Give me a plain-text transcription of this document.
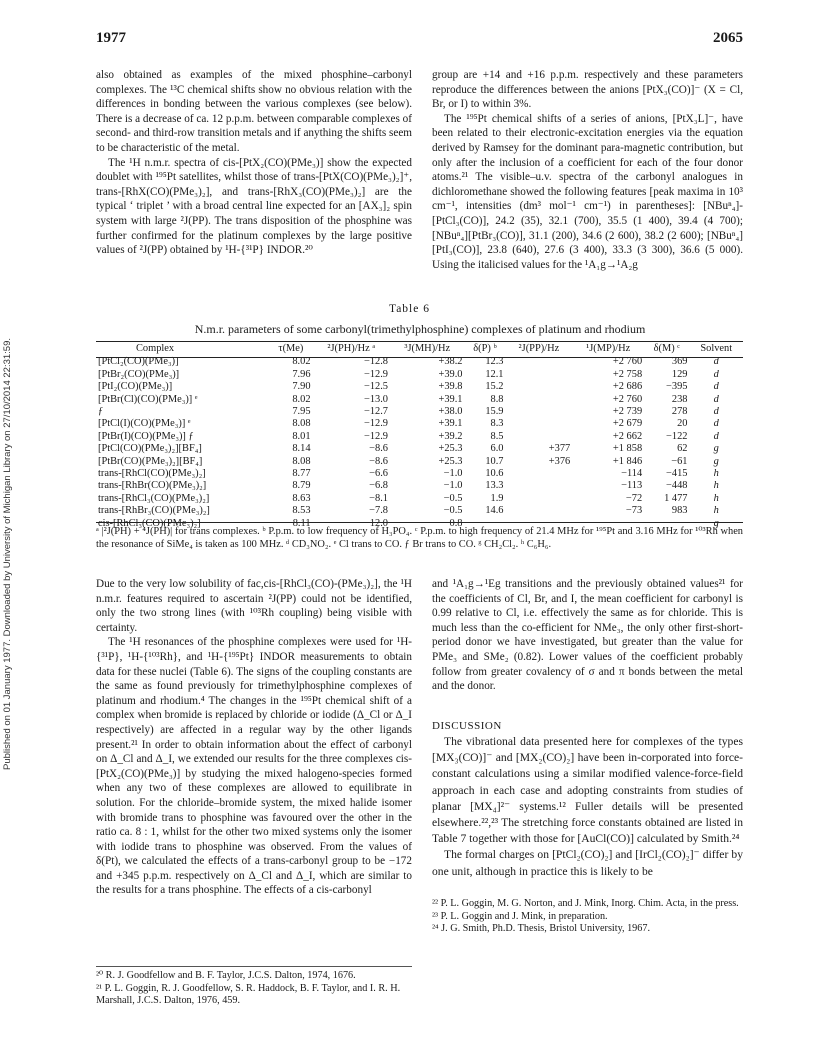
Published on 01 January 1977. Downloaded by University of Michigan Library on 27/10/2014 22:31:59.
1977	2065

also obtained as examples of the mixed phosphine–carbonyl complexes. The ¹³C chemical shifts show no obvious relation with the differences in bonding between the various complexes (see below). There is a decrease of ca. 12 p.p.m. between comparable complexes of second- and third-row transition metals and if anything the shifts seem to be characteristic of the metal.

The ¹H n.m.r. spectra of cis-[PtX₂(CO)(PMe₃)] show the expected doublet with ¹⁹⁵Pt satellites, whilst those of trans-[PtX(CO)(PMe₃)₂]⁺, trans-[RhX(CO)(PMe₃)₂], and trans-[RhX₃(CO)(PMe₃)₂] are the typical ‘ triplet ’ with a broad central line expected for an [AX₃]₂ spin system with large ²J(PP). The trans disposition of the phosphine was further confirmed for the platinum complexes by the large positive values of ²J(PP) obtained by ¹H-{³¹P} INDOR.²⁰

group are +14 and +16 p.p.m. respectively and these parameters reproduce the differences between the anions [PtX₃(CO)]⁻ (X = Cl, Br, or I) to within 3%.

The ¹⁹⁵Pt chemical shifts of a series of anions, [PtX₃L]⁻, have been related to their electronic-excitation energies via the equation derived by Ramsey for the dominant para-magnetic contribution, but only after the inclusion of a coefficient for each of the four donor atoms.²¹ The visible–u.v. spectra of the carbonyl analogues in dichloromethane showed the following features [peak maxima in 10³ cm⁻¹, intensities (dm³ mol⁻¹ cm⁻¹) in parentheses]: [NBuⁿ₄]-[PtCl₃(CO)], 24.2 (35), 32.1 (700), 35.5 (1 400), 39.4 (4 700); [NBuⁿ₄][PtBr₃(CO)], 31.1 (200), 34.6 (2 600), 38.2 (2 600); [NBuⁿ₄][PtI₃(CO)], 23.8 (640), 27.6 (3 400), 33.3 (3 300), 36.6 (5 000). Using the italicised values for the ¹A₁g→¹A₂g

Table 6
N.m.r. parameters of some carbonyl(trimethylphosphine) complexes of platinum and rhodium
Complex	τ(Me)	²J(PH)/Hz ᵃ	³J(MH)/Hz	δ(P) ᵇ	²J(PP)/Hz	¹J(MP)/Hz	δ(M) ᶜ	Solvent
[PtCl₂(CO)(PMe₃)]	8.02	−12.8	+38.2	12.3		+2 760	369	d
[PtBr₂(CO)(PMe₃)]	7.96	−12.9	+39.0	12.1		+2 758	129	d
[PtI₂(CO)(PMe₃)]	7.90	−12.5	+39.8	15.2		+2 686	−395	d
[PtBr(Cl)(CO)(PMe₃)] ᵉ	8.02	−13.0	+39.1	8.8		+2 760	238	d
ƒ	7.95	−12.7	+38.0	15.9		+2 739	278	d
[PtCl(I)(CO)(PMe₃)] ᵉ	8.08	−12.9	+39.1	8.3		+2 679	20	d
[PtBr(I)(CO)(PMe₃)] ƒ	8.01	−12.9	+39.2	8.5		+2 662	−122	d
[PtCl(CO)(PMe₃)₂][BF₄]	8.14	−8.6	+25.3	6.0	+377	+1 858	62	g
[PtBr(CO)(PMe₃)₂][BF₄]	8.08	−8.6	+25.3	10.7	+376	+1 846	−61	g
trans-[RhCl(CO)(PMe₃)₂]	8.77	−6.6	−1.0	10.6		−114	−415	h
trans-[RhBr(CO)(PMe₃)₂]	8.79	−6.8	−1.0	13.3		−113	−448	h
trans-[RhCl₃(CO)(PMe₃)₂]	8.63	−8.1	−0.5	1.9		−72	1 477	h
trans-[RhBr₃(CO)(PMe₃)₂]	8.53	−7.8	−0.5	14.6		−73	983	h
cis-[RhCl₃(CO)(PMe₃)₂]	8.11	12.0	0.8					g
ᵃ |²J(PH) + ⁴J(PH)| for trans complexes. ᵇ P.p.m. to low frequency of H₃PO₄. ᶜ P.p.m. to high frequency of 21.4 MHz for ¹⁹⁵Pt and 3.16 MHz for ¹⁰³Rh when the resonance of SiMe₄ is taken as 100 MHz. ᵈ CD₃NO₂. ᵉ Cl trans to CO. ƒ Br trans to CO. ᵍ CH₂Cl₂. ʰ C₆H₆.

Due to the very low solubility of fac,cis-[RhCl₃(CO)-(PMe₃)₂], the ¹H n.m.r. features required to ascertain ²J(PP) could not be identified, only the two strong lines (with ¹⁰³Rh coupling) being visible with certainty.

The ¹H resonances of the phosphine complexes were used for ¹H-{³¹P}, ¹H-{¹⁰³Rh}, and ¹H-{¹⁹⁵Pt} INDOR measurements to obtain data for these nuclei (Table 6). The signs of the coupling constants are the same as found previously for trimethylphosphine complexes of platinum and rhodium.⁴ The changes in the ¹⁹⁵Pt chemical shift of a complex when bromide is replaced by chloride or iodide (Δ_Cl or Δ_I respectively) are affected in a regular way by the other ligands present.²¹ In order to obtain information about the effect of carbonyl on Δ_Cl and Δ_I, we extended our results for the three complexes cis-[PtX₂(CO)(PMe₃)] by studying the mixed halogeno-species formed when any two of these complexes are allowed to equilibrate in solution. For the chloride–bromide system, the mixed halide isomer with bromide trans to phosphine was favoured over the other in the ratio ca. 8 : 1, whilst for the other two mixed systems only the isomer with iodide trans to phosphine was observed. From the values of δ(Pt), we calculated the effects of a trans-carbonyl group to be −172 and +345 p.p.m. respectively on Δ_Cl and Δ_I, which are similar to the results for a trans phosphine. The effects of a cis-carbonyl

²⁰ R. J. Goodfellow and B. F. Taylor, J.C.S. Dalton, 1974, 1676.

²¹ P. L. Goggin, R. J. Goodfellow, S. R. Haddock, B. F. Taylor, and I. R. H. Marshall, J.C.S. Dalton, 1976, 459.

and ¹A₁g→¹Eg transitions and the previously obtained values²¹ for the coefficients of Cl, Br, and I, the mean coefficient for carbonyl is 0.99 relative to Cl, i.e. effectively the same as for chloride. This is much less than the co-efficient for NMe₃, the only other first-short-period donor we have investigated, but greater than the value for PMe₃ and SMe₂ (0.82). Lower values of the coefficient probably follow from greater covalency of σ and π bonds between the metal and the donor.

DISCUSSION

The vibrational data presented here for complexes of the types [MX₃(CO)]⁻ and [MX₂(CO)₂] have been in-corporated into force-constant calculations using a similar modified valence-force-field approach in each case and adopting constraints from studies of planar [MX₄]²⁻ systems.¹² Fuller details will be presented elsewhere.²²,²³ The stretching force constants obtained are listed in Table 7 together with those for [AuCl(CO)] calculated by Smith.²⁴

The formal charges on [PtCl₂(CO)₂] and [IrCl₂(CO)₂]⁻ differ by one unit, although in practice this is likely to be

²² P. L. Goggin, M. G. Norton, and J. Mink, Inorg. Chim. Acta, in the press.

²³ P. L. Goggin and J. Mink, in preparation.

²⁴ J. G. Smith, Ph.D. Thesis, Bristol University, 1967.
